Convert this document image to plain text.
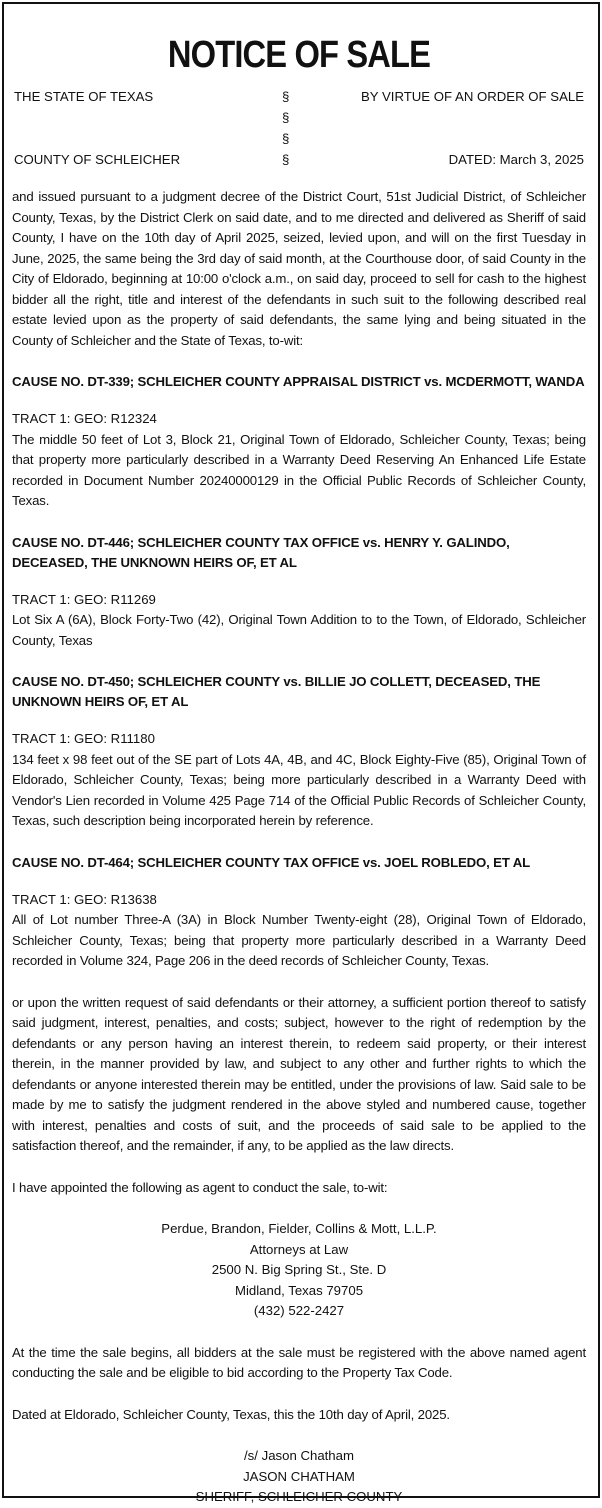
NOTICE OF SALE
THE STATE OF TEXAS	§	BY VIRTUE OF AN ORDER OF SALE
§
§
COUNTY OF SCHLEICHER	§	DATED: March 3, 2025

and issued pursuant to a judgment decree of the District Court, 51st Judicial District, of Schleicher County, Texas, by the District Clerk on said date, and to me directed and delivered as Sheriff of said County, I have on the 10th day of April 2025, seized, levied upon, and will on the first Tuesday in June, 2025, the same being the 3rd day of said month, at the Courthouse door, of said County in the City of Eldorado, beginning at 10:00 o'clock a.m., on said day, proceed to sell for cash to the highest bidder all the right, title and interest of the defendants in such suit to the following described real estate levied upon as the property of said defendants, the same lying and being situated in the County of Schleicher and the State of Texas, to-wit:

CAUSE NO. DT-339; SCHLEICHER COUNTY APPRAISAL DISTRICT vs. MCDERMOTT, WANDA

TRACT 1: GEO: R12324

The middle 50 feet of Lot 3, Block 21, Original Town of Eldorado, Schleicher County, Texas; being that property more particularly described in a Warranty Deed Reserving An Enhanced Life Estate recorded in Document Number 20240000129 in the Official Public Records of Schleicher County, Texas.

CAUSE NO. DT-446; SCHLEICHER COUNTY TAX OFFICE vs. HENRY Y. GALINDO, DECEASED, THE UNKNOWN HEIRS OF, ET AL

TRACT 1: GEO: R11269

Lot Six A (6A), Block Forty-Two (42), Original Town Addition to to the Town, of Eldorado, Schleicher County, Texas

CAUSE NO. DT-450; SCHLEICHER COUNTY vs. BILLIE JO COLLETT, DECEASED, THE UNKNOWN HEIRS OF, ET AL

TRACT 1: GEO: R11180

134 feet x 98 feet out of the SE part of Lots 4A, 4B, and 4C, Block Eighty-Five (85), Original Town of Eldorado, Schleicher County, Texas; being more particularly described in a Warranty Deed with Vendor's Lien recorded in Volume 425 Page 714 of the Official Public Records of Schleicher County, Texas, such description being incorporated herein by reference.

CAUSE NO. DT-464; SCHLEICHER COUNTY TAX OFFICE vs. JOEL ROBLEDO, ET AL

TRACT 1: GEO: R13638

All of Lot number Three-A (3A) in Block Number Twenty-eight (28), Original Town of Eldorado, Schleicher County, Texas; being that property more particularly described in a Warranty Deed recorded in Volume 324, Page 206 in the deed records of Schleicher County, Texas.

or upon the written request of said defendants or their attorney, a sufficient portion thereof to satisfy said judgment, interest, penalties, and costs; subject, however to the right of redemption by the defendants or any person having an interest therein, to redeem said property, or their interest therein, in the manner provided by law, and subject to any other and further rights to which the defendants or anyone interested therein may be entitled, under the provisions of law. Said sale to be made by me to satisfy the judgment rendered in the above styled and numbered cause, together with interest, penalties and costs of suit, and the proceeds of said sale to be applied to the satisfaction thereof, and the remainder, if any, to be applied as the law directs.

I have appointed the following as agent to conduct the sale, to-wit:

Perdue, Brandon, Fielder, Collins & Mott, L.L.P.
Attorneys at Law
2500 N. Big Spring St., Ste. D
Midland, Texas 79705
(432) 522-2427

At the time the sale begins, all bidders at the sale must be registered with the above named agent conducting the sale and be eligible to bid according to the Property Tax Code.

Dated at Eldorado, Schleicher County, Texas, this the 10th day of April, 2025.

/s/ Jason Chatham
JASON CHATHAM
SHERIFF, SCHLEICHER COUNTY
